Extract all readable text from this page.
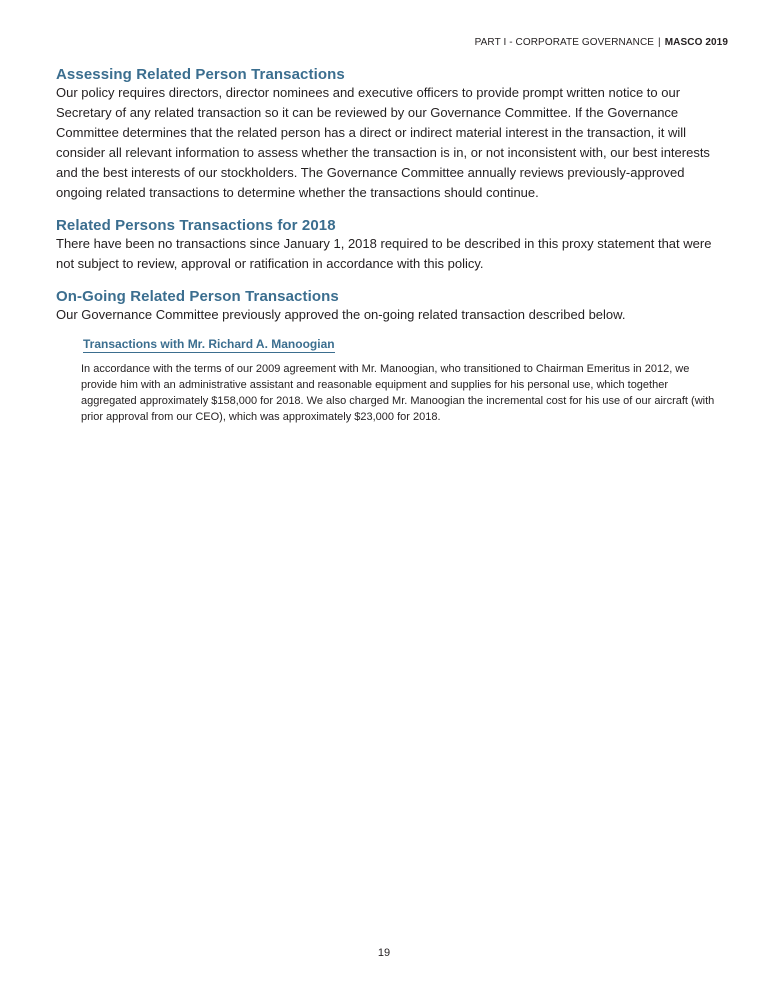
PART I - CORPORATE GOVERNANCE | MASCO 2019
Assessing Related Person Transactions

Our policy requires directors, director nominees and executive officers to provide prompt written notice to our Secretary of any related transaction so it can be reviewed by our Governance Committee. If the Governance Committee determines that the related person has a direct or indirect material interest in the transaction, it will consider all relevant information to assess whether the transaction is in, or not inconsistent with, our best interests and the best interests of our stockholders. The Governance Committee annually reviews previously-approved ongoing related transactions to determine whether the transactions should continue.

Related Persons Transactions for 2018

There have been no transactions since January 1, 2018 required to be described in this proxy statement that were not subject to review, approval or ratification in accordance with this policy.

On-Going Related Person Transactions

Our Governance Committee previously approved the on-going related transaction described below.

Transactions with Mr. Richard A. Manoogian

In accordance with the terms of our 2009 agreement with Mr. Manoogian, who transitioned to Chairman Emeritus in 2012, we provide him with an administrative assistant and reasonable equipment and supplies for his personal use, which together aggregated approximately $158,000 for 2018. We also charged Mr. Manoogian the incremental cost for his use of our aircraft (with prior approval from our CEO), which was approximately $23,000 for 2018.

19
